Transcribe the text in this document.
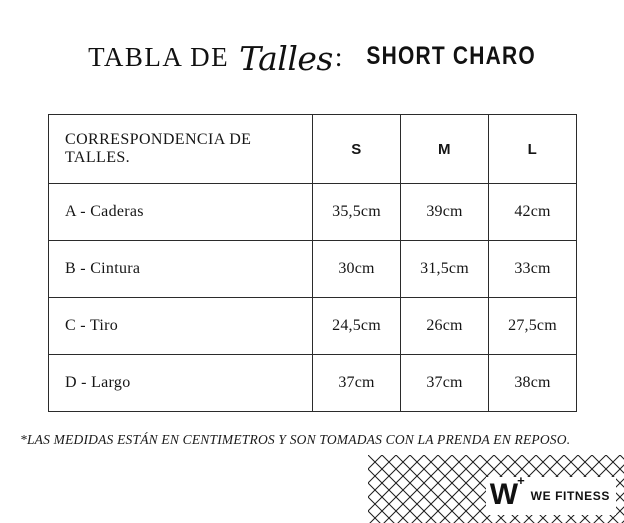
TABLA DE Talles : SHORT CHARO
CORRESPONDENCIA DE TALLES.	S	M	L
A - Caderas	35,5cm	39cm	42cm
B - Cintura	30cm	31,5cm	33cm
C - Tiro	24,5cm	26cm	27,5cm
D - Largo	37cm	37cm	38cm
*LAS MEDIDAS ESTÁN EN CENTIMETROS Y SON TOMADAS CON LA PRENDA EN REPOSO.
W+
WE FITNESS
